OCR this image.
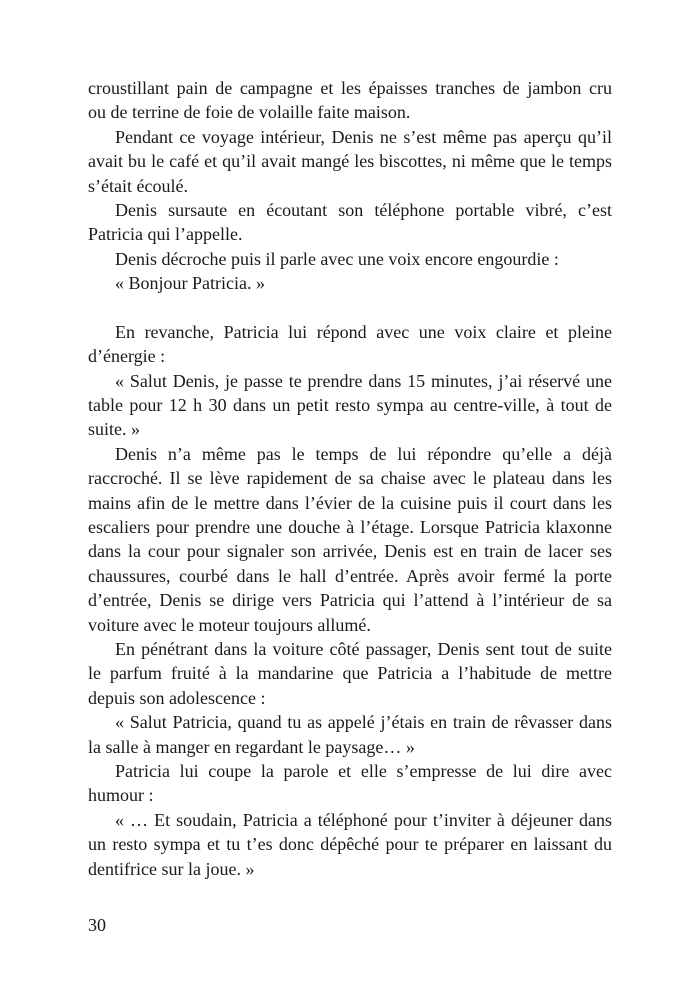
croustillant pain de campagne et les épaisses tranches de jambon cru
ou de terrine de foie de volaille faite maison.
Pendant ce voyage intérieur, Denis ne s’est même pas aperçu qu’il
avait bu le café et qu’il avait mangé les biscottes, ni même que le temps
s’était écoulé.
Denis sursaute en écoutant son téléphone portable vibré, c’est
Patricia qui l’appelle.
Denis décroche puis il parle avec une voix encore engourdie :
« Bonjour Patricia. »
En revanche, Patricia lui répond avec une voix claire et pleine
d’énergie :
« Salut Denis, je passe te prendre dans 15 minutes, j’ai réservé une
table pour 12 h 30 dans un petit resto sympa au centre-ville, à tout de
suite. »
Denis n’a même pas le temps de lui répondre qu’elle a déjà
raccroché. Il se lève rapidement de sa chaise avec le plateau dans les
mains afin de le mettre dans l’évier de la cuisine puis il court dans les
escaliers pour prendre une douche à l’étage. Lorsque Patricia klaxonne
dans la cour pour signaler son arrivée, Denis est en train de lacer ses
chaussures, courbé dans le hall d’entrée. Après avoir fermé la porte
d’entrée, Denis se dirige vers Patricia qui l’attend à l’intérieur de sa
voiture avec le moteur toujours allumé.
En pénétrant dans la voiture côté passager, Denis sent tout de suite
le parfum fruité à la mandarine que Patricia a l’habitude de mettre
depuis son adolescence :
« Salut Patricia, quand tu as appelé j’étais en train de rêvasser dans
la salle à manger en regardant le paysage… »
Patricia lui coupe la parole et elle s’empresse de lui dire avec
humour :
« … Et soudain, Patricia a téléphoné pour t’inviter à déjeuner dans
un resto sympa et tu t’es donc dépêché pour te préparer en laissant du
dentifrice sur la joue. »
30
